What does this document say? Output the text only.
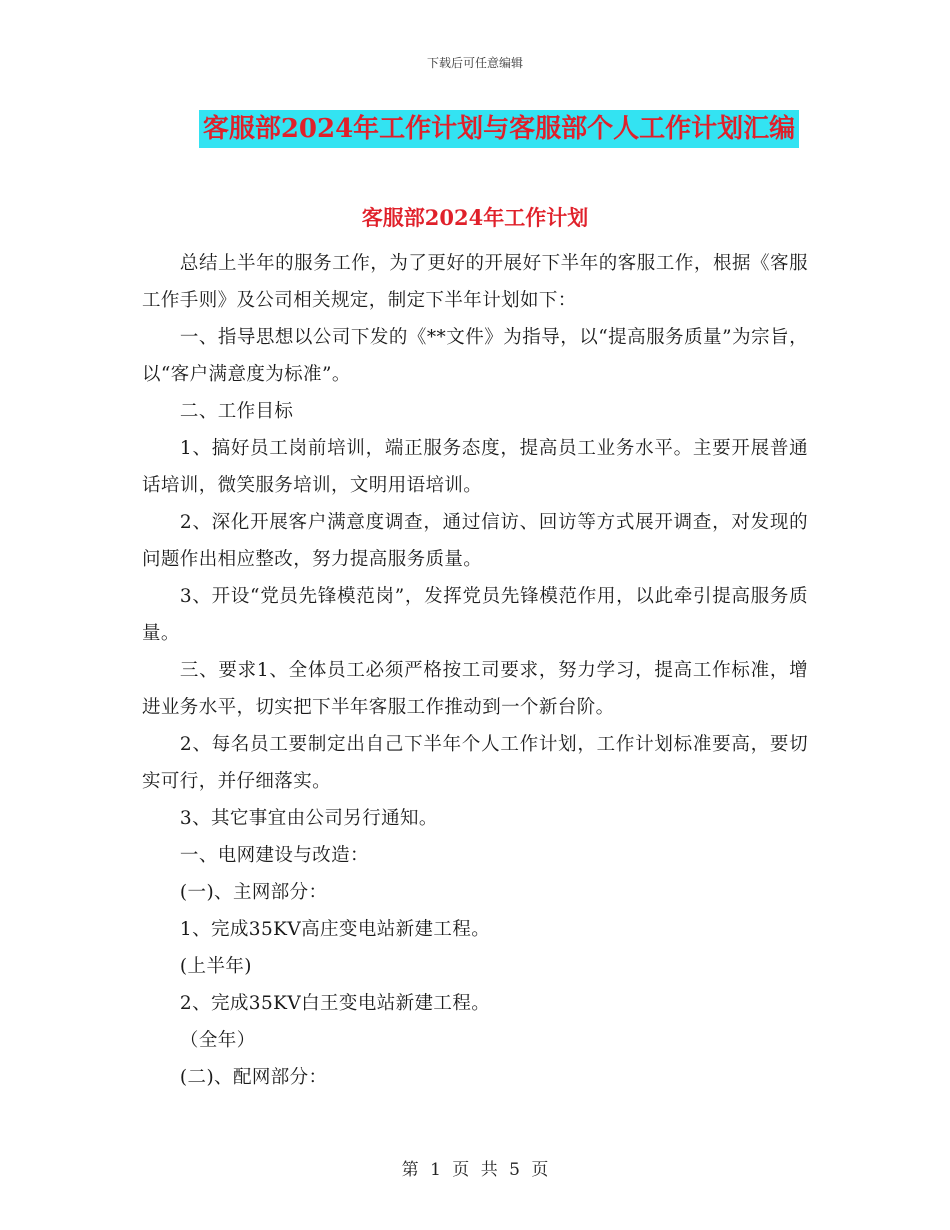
下载后可任意编辑
客服部2024年工作计划与客服部个人工作计划汇编
客服部2024年工作计划

总结上半年的服务工作，为了更好的开展好下半年的客服工作，根据《客服工作手则》及公司相关规定，制定下半年计划如下：

一、指导思想以公司下发的《**文件》为指导，以“提高服务质量”为宗旨，以“客户满意度为标准”。

二、工作目标

1、搞好员工岗前培训，端正服务态度，提高员工业务水平。主要开展普通话培训，微笑服务培训，文明用语培训。

2、深化开展客户满意度调查，通过信访、回访等方式展开调查，对发现的问题作出相应整改，努力提高服务质量。

3、开设“党员先锋模范岗”，发挥党员先锋模范作用，以此牵引提高服务质量。

三、要求1、全体员工必须严格按工司要求，努力学习，提高工作标准，增进业务水平，切实把下半年客服工作推动到一个新台阶。

2、每名员工要制定出自己下半年个人工作计划，工作计划标准要高，要切实可行，并仔细落实。

3、其它事宜由公司另行通知。

一、电网建设与改造：

(一)、主网部分：

1、完成35KV高庄变电站新建工程。

(上半年)

2、完成35KV白王变电站新建工程。

（全年）

(二)、配网部分：

第 1 页 共 5 页
